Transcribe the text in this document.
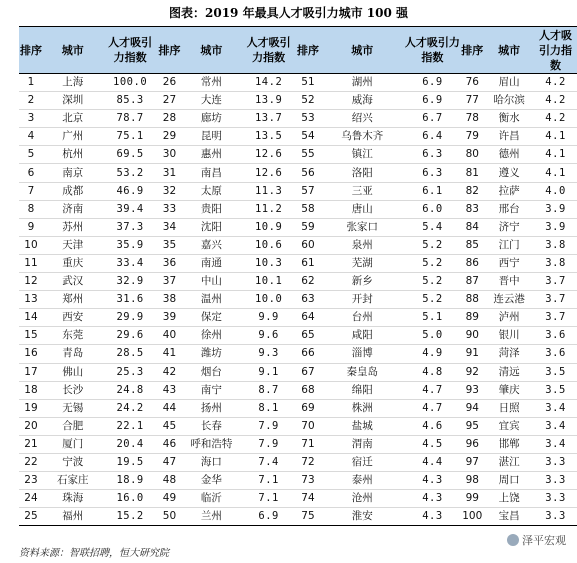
图表：2019 年最具人才吸引力城市 100 强
排序	城市	人才吸引力指数	排序	城市	人才吸引力指数	排序	城市	人才吸引力指数	排序	城市	人才吸引力指数
1	上海	100.0	26	常州	14.2	51	湖州	6.9	76	眉山	4.2
2	深圳	85.3	27	大连	13.9	52	威海	6.9	77	哈尔滨	4.2
3	北京	78.7	28	廊坊	13.7	53	绍兴	6.7	78	衡水	4.2
4	广州	75.1	29	昆明	13.5	54	乌鲁木齐	6.4	79	许昌	4.1
5	杭州	69.5	30	惠州	12.6	55	镇江	6.3	80	德州	4.1
6	南京	53.2	31	南昌	12.6	56	洛阳	6.3	81	遵义	4.1
7	成都	46.9	32	太原	11.3	57	三亚	6.1	82	拉萨	4.0
8	济南	39.4	33	贵阳	11.2	58	唐山	6.0	83	邢台	3.9
9	苏州	37.3	34	沈阳	10.9	59	张家口	5.4	84	济宁	3.9
10	天津	35.9	35	嘉兴	10.6	60	泉州	5.2	85	江门	3.8
11	重庆	33.4	36	南通	10.3	61	芜湖	5.2	86	西宁	3.8
12	武汉	32.9	37	中山	10.1	62	新乡	5.2	87	晋中	3.7
13	郑州	31.6	38	温州	10.0	63	开封	5.2	88	连云港	3.7
14	西安	29.9	39	保定	9.9	64	台州	5.1	89	泸州	3.7
15	东莞	29.6	40	徐州	9.6	65	咸阳	5.0	90	银川	3.6
16	青岛	28.5	41	潍坊	9.3	66	淄博	4.9	91	菏泽	3.6
17	佛山	25.3	42	烟台	9.1	67	秦皇岛	4.8	92	清远	3.5
18	长沙	24.8	43	南宁	8.7	68	绵阳	4.7	93	肇庆	3.5
19	无锡	24.2	44	扬州	8.1	69	株洲	4.7	94	日照	3.4
20	合肥	22.1	45	长春	7.9	70	盐城	4.6	95	宜宾	3.4
21	厦门	20.4	46	呼和浩特	7.9	71	渭南	4.5	96	邯郸	3.4
22	宁波	19.5	47	海口	7.4	72	宿迁	4.4	97	湛江	3.3
23	石家庄	18.9	48	金华	7.1	73	泰州	4.3	98	周口	3.3
24	珠海	16.0	49	临沂	7.1	74	沧州	4.3	99	上饶	3.3
25	福州	15.2	50	兰州	6.9	75	淮安	4.3	100	宝昌	3.3
资料来源：智联招聘，恒大研究院
泽平宏观
